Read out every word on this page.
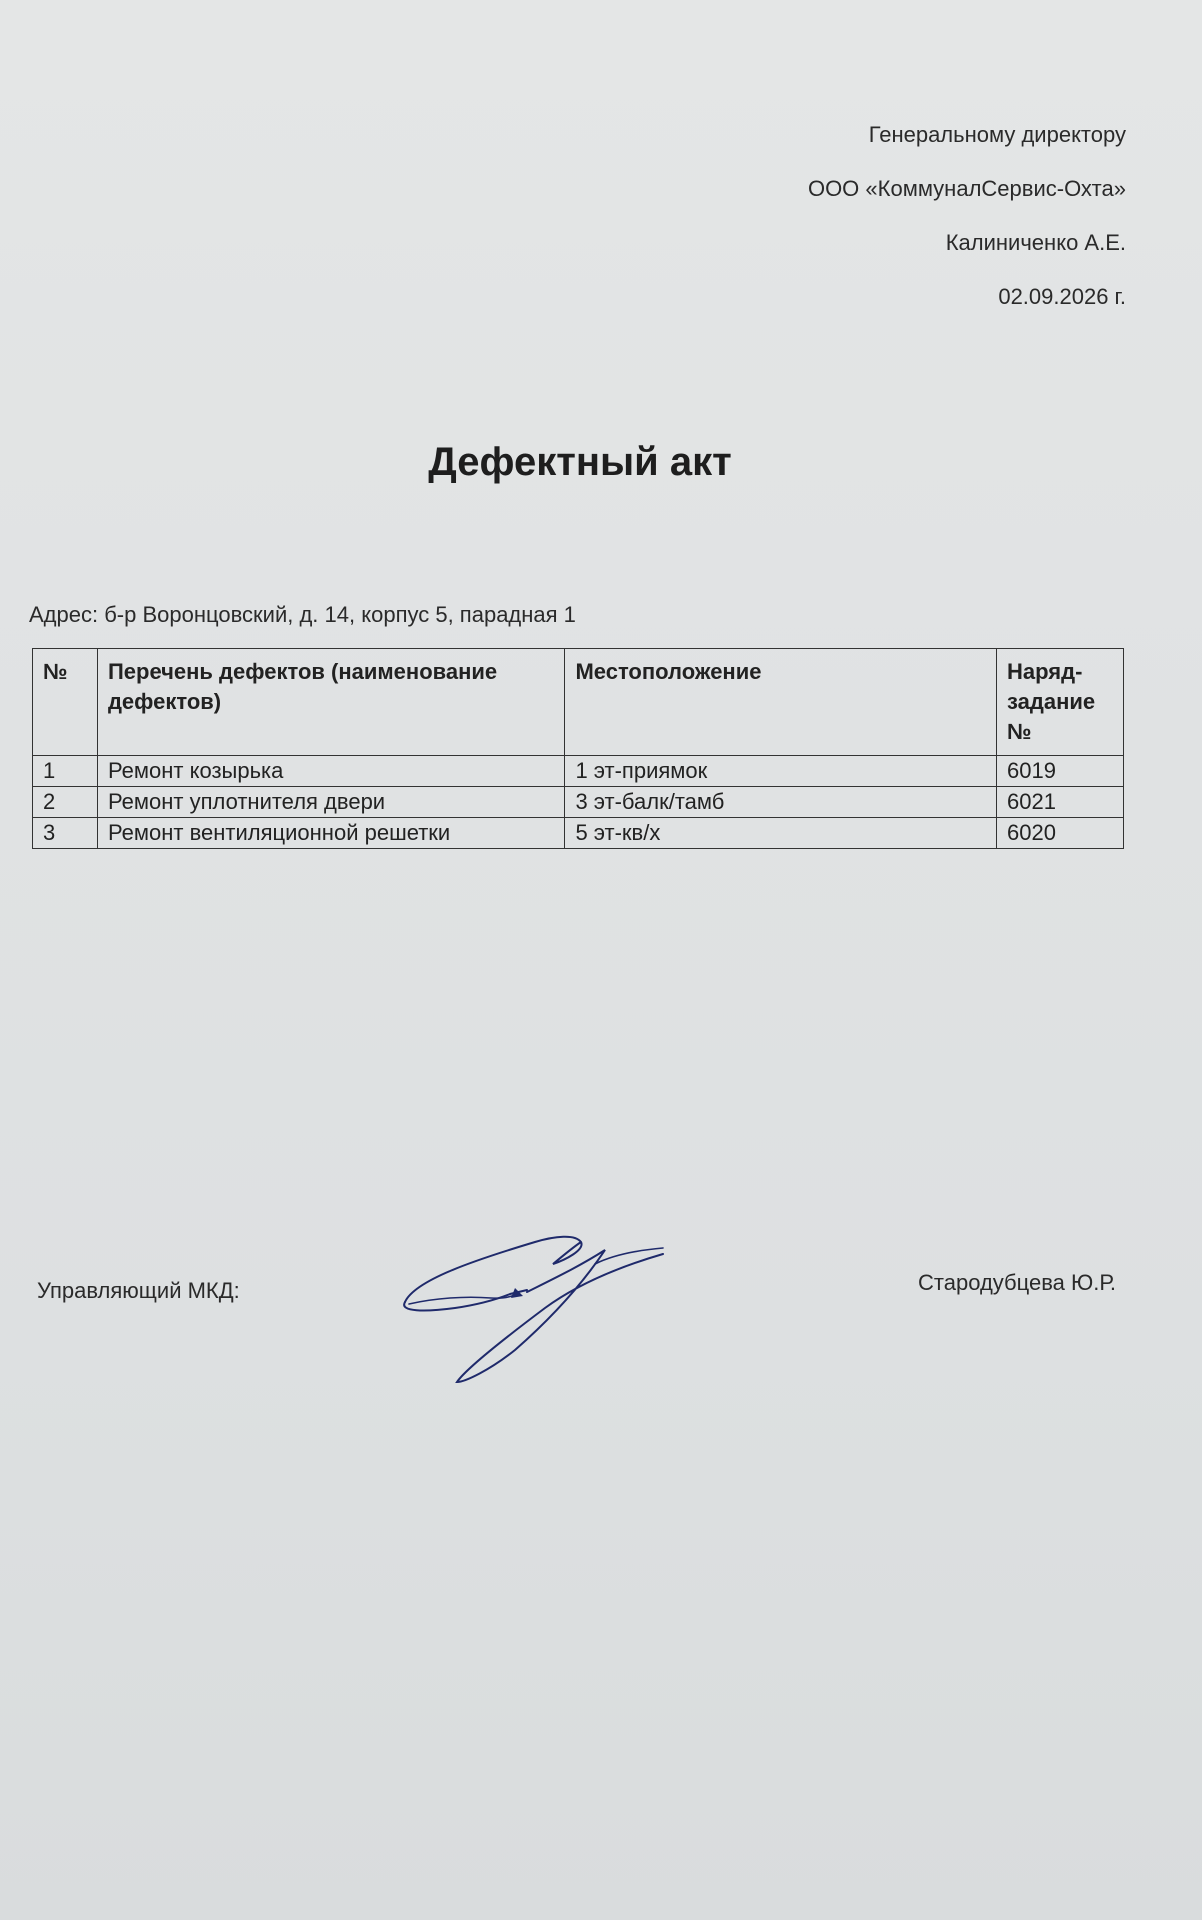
Генеральному директору
ООО «КоммуналСервис-Охта»
Калиниченко А.Е.
02.09.2026 г.
Дефектный акт
Адрес: б-р Воронцовский, д. 14, корпус 5, парадная 1
№	Перечень дефектов (наименование дефектов)	Местоположение	Наряд-задание №
1	Ремонт козырька	1 эт-приямок	6019
2	Ремонт уплотнителя двери	3 эт-балк/тамб	6021
3	Ремонт вентиляционной решетки	5 эт-кв/х	6020
Управляющий МКД:	Стародубцева Ю.Р.
